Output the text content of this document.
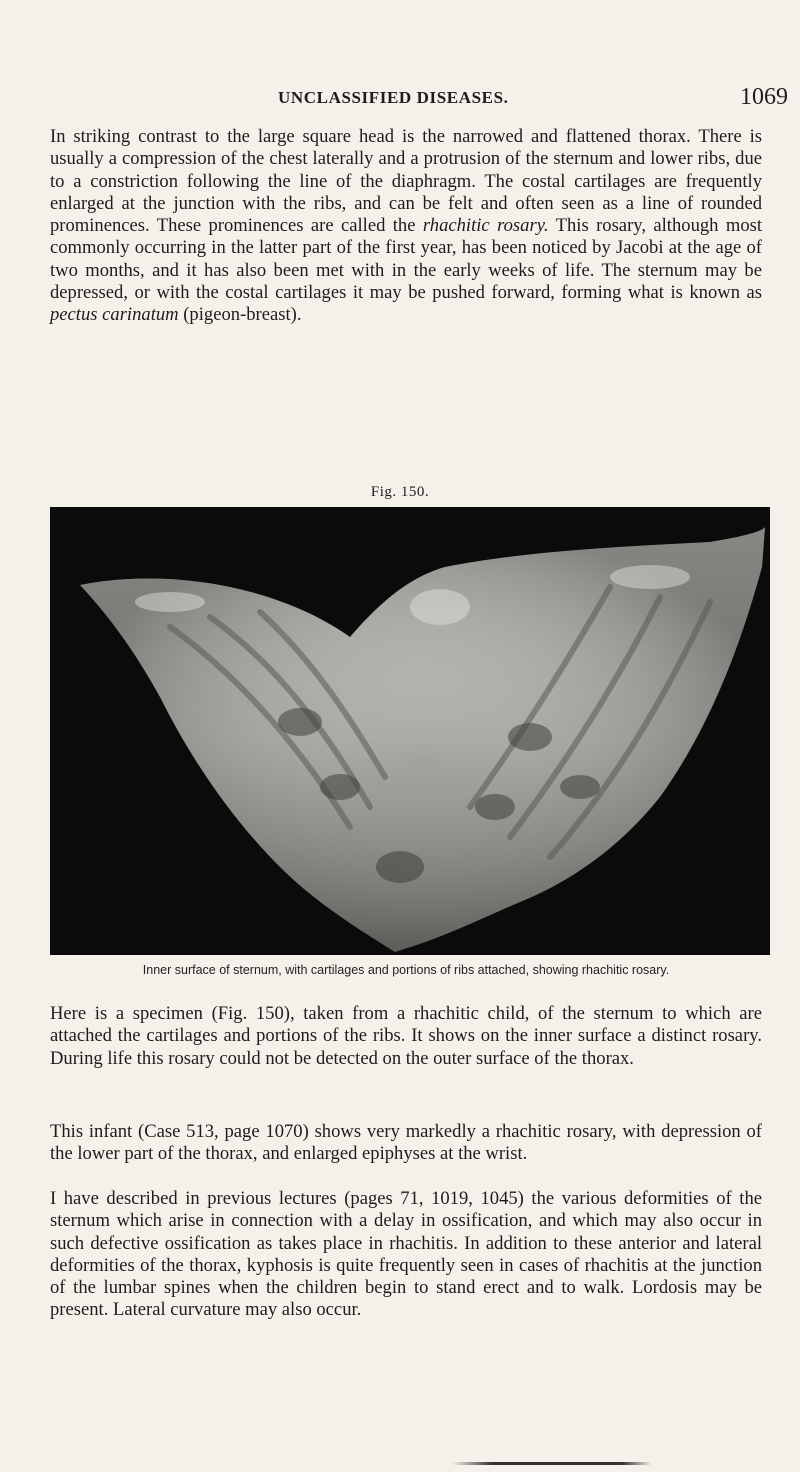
UNCLASSIFIED DISEASES.	1069

In striking contrast to the large square head is the narrowed and flattened thorax. There is usually a compression of the chest laterally and a protrusion of the sternum and lower ribs, due to a constriction following the line of the diaphragm. The costal cartilages are frequently enlarged at the junction with the ribs, and can be felt and often seen as a line of rounded prominences. These prominences are called the rhachitic rosary. This rosary, although most commonly occurring in the latter part of the first year, has been noticed by Jacobi at the age of two months, and it has also been met with in the early weeks of life. The sternum may be depressed, or with the costal cartilages it may be pushed forward, forming what is known as pectus carinatum (pigeon-breast).

Fig. 150.
Inner surface of sternum, with cartilages and portions of ribs attached, showing rhachitic rosary.

Here is a specimen (Fig. 150), taken from a rhachitic child, of the sternum to which are attached the cartilages and portions of the ribs. It shows on the inner surface a distinct rosary. During life this rosary could not be detected on the outer surface of the thorax.

This infant (Case 513, page 1070) shows very markedly a rhachitic rosary, with depression of the lower part of the thorax, and enlarged epiphyses at the wrist.

I have described in previous lectures (pages 71, 1019, 1045) the various deformities of the sternum which arise in connection with a delay in ossification, and which may also occur in such defective ossification as takes place in rhachitis. In addition to these anterior and lateral deformities of the thorax, kyphosis is quite frequently seen in cases of rhachitis at the junction of the lumbar spines when the children begin to stand erect and to walk. Lordosis may be present. Lateral curvature may also occur.
